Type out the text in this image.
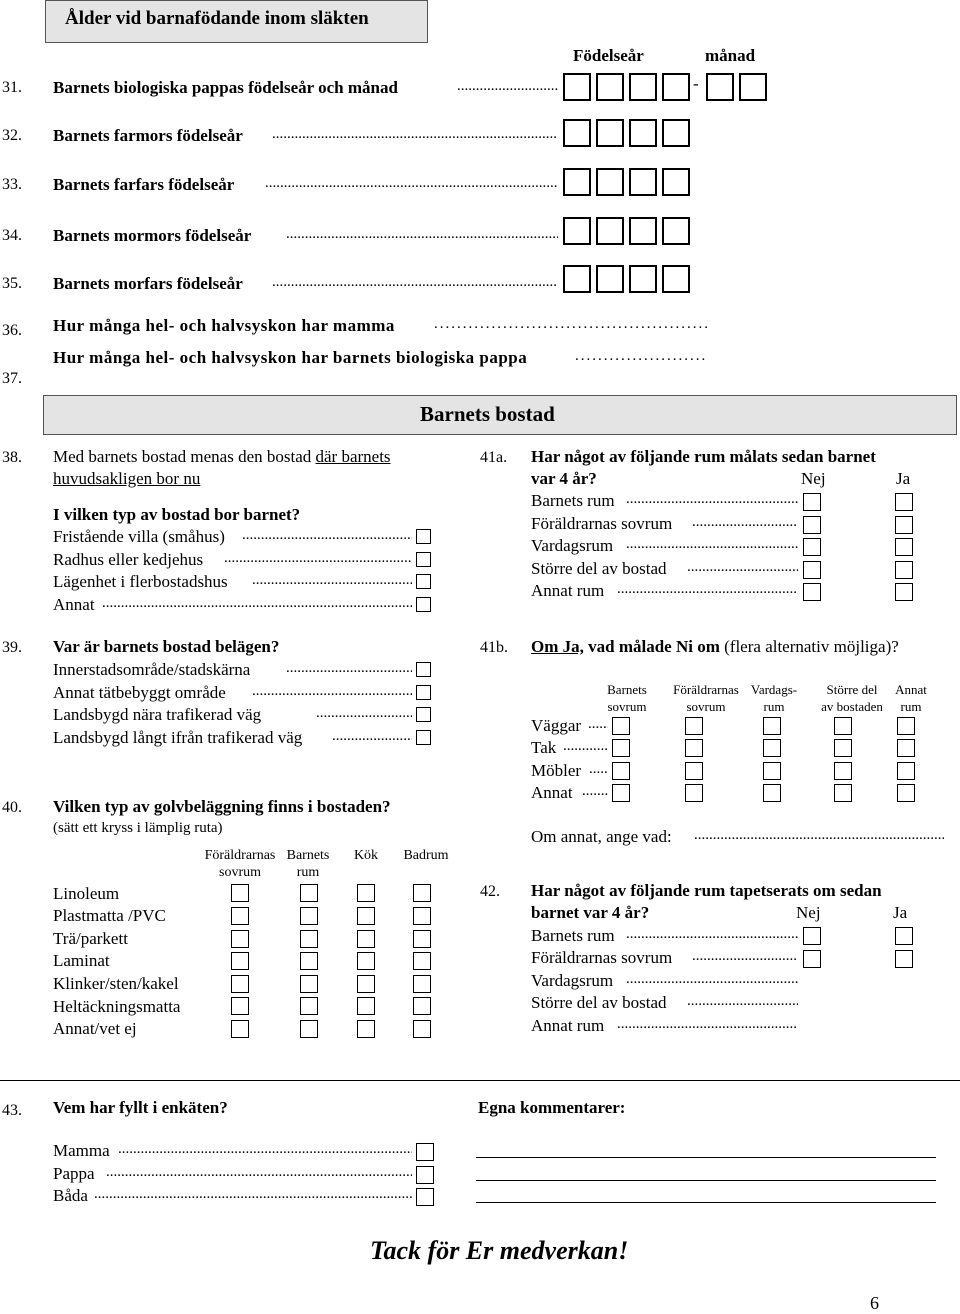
Ålder vid barnafödande inom släkten
Födelseår	månad
31. Barnets biologiska pappas födelseår och månad
.....	-
32. Barnets farmors födelseår
.....
33. Barnets farfars födelseår
.....
34. Barnets mormors födelseår
.....
35. Barnets morfars födelseår
.....
36. Hur många hel- och halvsyskon har mamma
.....
37.
Hur många hel- och halvsyskon har barnets biologiska pappa
.....
Barnets bostad
38. Med barnets bostad menas den bostad där barnets
huvudsakligen bor nu
I vilken typ av bostad bor barnet?
Fristående villa (småhus)
.....
Radhus eller kedjehus
.....
Lägenhet i flerbostadshus
.....
Annat
.....
39. Var är barnets bostad belägen?
Innerstadsområde/stadskärna
.....
Annat tätbebyggt område
.....
Landsbygd nära trafikerad väg
.....
Landsbygd långt ifrån trafikerad väg
.....
40. Vilken typ av golvbeläggning finns i bostaden?
(sätt ett kryss i lämplig ruta)
Föräldrarnas
sovrum
Barnets
rum
Kök	Badrum
Linoleum
Plastmatta /PVC
Trä/parkett
Laminat
Klinker/sten/kakel
Heltäckningsmatta
Annat/vet ej
41a. Har något av följande rum målats sedan barnet
var 4 år?	Nej	Ja
Barnets rum
.....
Föräldrarnas sovrum
.....
Vardagsrum
.....
Större del av bostad
.....
Annat rum
.....
41b. Om Ja, vad målade Ni om (flera alternativ möjliga)?
Barnets
sovrum
Föräldrarnas
sovrum
Vardags-
rum
Större del
av bostaden
Annat
rum
Väggar
.....
Tak
.....
Möbler
.....
Annat
.....
Om annat, ange vad:
.....
42. Har något av följande rum tapetserats om sedan
barnet var 4 år?	Nej	Ja
Barnets rum
.....
Föräldrarnas sovrum
.....
Vardagsrum
.....
Större del av bostad
.....
Annat rum
.....
43. Vem har fyllt i enkäten?
Mamma
.....
Pappa
.....
Båda
.....
Egna kommentarer:
Tack för Er medverkan!
6
